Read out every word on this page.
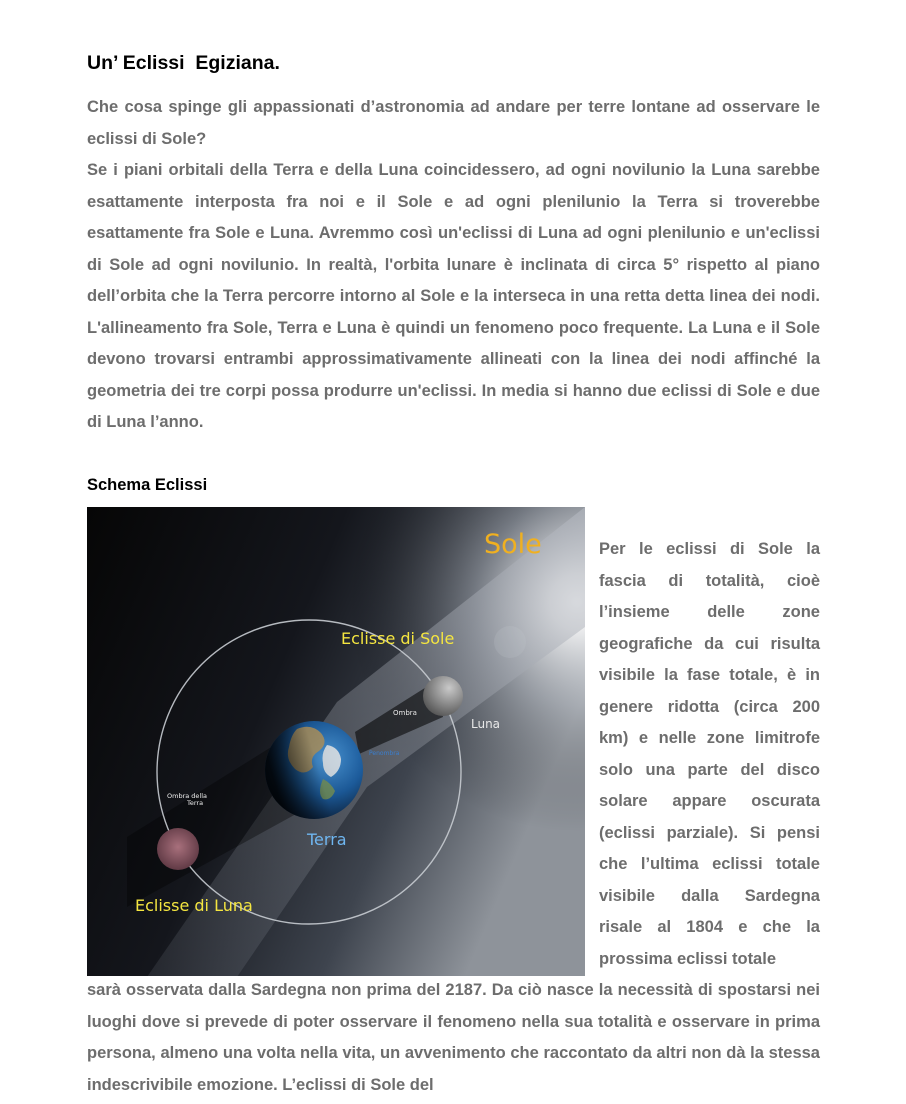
Un’ Eclissi  Egiziana.

Che cosa spinge gli appassionati d’astronomia ad andare per terre lontane ad osservare le eclissi di Sole?

Se i piani orbitali della Terra e della Luna coincidessero, ad ogni novilunio la Luna sarebbe esattamente interposta fra noi e il Sole e ad ogni plenilunio la Terra si troverebbe esattamente fra Sole e Luna. Avremmo così un'eclissi di Luna ad ogni plenilunio e un'eclissi di Sole ad ogni novilunio. In realtà, l'orbita lunare è inclinata di circa 5° rispetto al piano dell’orbita che la Terra percorre intorno al Sole e la interseca in una retta detta linea dei nodi. L'allineamento fra Sole, Terra e Luna è quindi un fenomeno poco frequente. La Luna e il Sole devono trovarsi entrambi approssimativamente allineati con la linea dei nodi affinché la geometria dei tre corpi possa produrre un'eclissi. In media si hanno due eclissi di Sole e due di Luna l’anno.

Schema Eclissi
Sole
Eclisse di Sole
Eclisse di Luna
Terra
Luna
Ombra
Penombra
Ombra della
Terra

Per le eclissi di Sole la fascia di totalità, cioè l’insieme delle zone geografiche da cui risulta visibile la fase totale, è in genere ridotta (circa 200 km) e nelle zone limitrofe solo una parte del disco solare appare oscurata (eclissi parziale). Si pensi che l’ultima eclissi totale visibile dalla Sardegna risale al 1804 e che la prossima eclissi totale

sarà osservata dalla Sardegna non prima del 2187. Da ciò nasce la necessità di spostarsi nei luoghi dove si prevede di poter osservare il fenomeno nella sua totalità e osservare in prima persona, almeno una volta nella vita, un avvenimento che raccontato da altri non dà la stessa indescrivibile emozione. L’eclissi di Sole del
